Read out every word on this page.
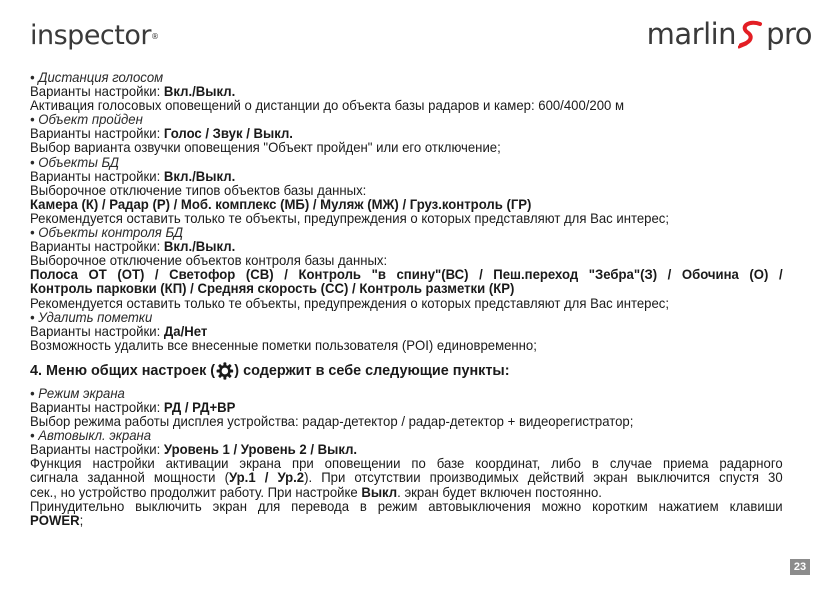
inspector®	marlin pro
• Дистанция голосом
Варианты настройки: Вкл./Выкл.
Активация голосовых оповещений о дистанции до объекта базы радаров и камер: 600/400/200 м
• Объект пройден
Варианты настройки: Голос / Звук / Выкл.
Выбор варианта озвучки оповещения "Объект пройден" или его отключение;
• Объекты БД
Варианты настройки: Вкл./Выкл.
Выборочное отключение типов объектов базы данных:
Камера (К) / Радар (Р) / Моб. комплекс (МБ) / Муляж (МЖ) / Груз.контроль (ГР)
Рекомендуется оставить только те объекты, предупреждения о которых представляют для Вас интерес;
• Объекты контроля БД
Варианты настройки: Вкл./Выкл.
Выборочное отключение объектов контроля базы данных:
Полоса ОТ (ОТ) / Светофор (СВ) / Контроль "в спину"(ВС) / Пеш.переход "Зебра"(З) / Обочина (О) /
Контроль парковки (КП) / Средняя скорость (СС) / Контроль разметки (КР)
Рекомендуется оставить только те объекты, предупреждения о которых представляют для Вас интерес;
• Удалить пометки
Варианты настройки: Да/Нет
Возможность удалить все внесенные пометки пользователя (POI) единовременно;
4. Меню общих настроек ( ) содержит в себе следующие пункты:
• Режим экрана
Варианты настройки: РД / РД+ВР
Выбор режима работы дисплея устройства: радар-детектор / радар-детектор + видеорегистратор;
• Автовыкл. экрана
Варианты настройки: Уровень 1 / Уровень 2 / Выкл.
Функция настройки активации экрана при оповещении по базе координат, либо в случае приема радарного
сигнала заданной мощности (Ур.1 / Ур.2). При отсутствии производимых действий экран выключится спустя 30
сек., но устройство продолжит работу. При настройке Выкл. экран будет включен постоянно.
Принудительно выключить экран для перевода в режим автовыключения можно коротким нажатием клавиши
POWER;
23
